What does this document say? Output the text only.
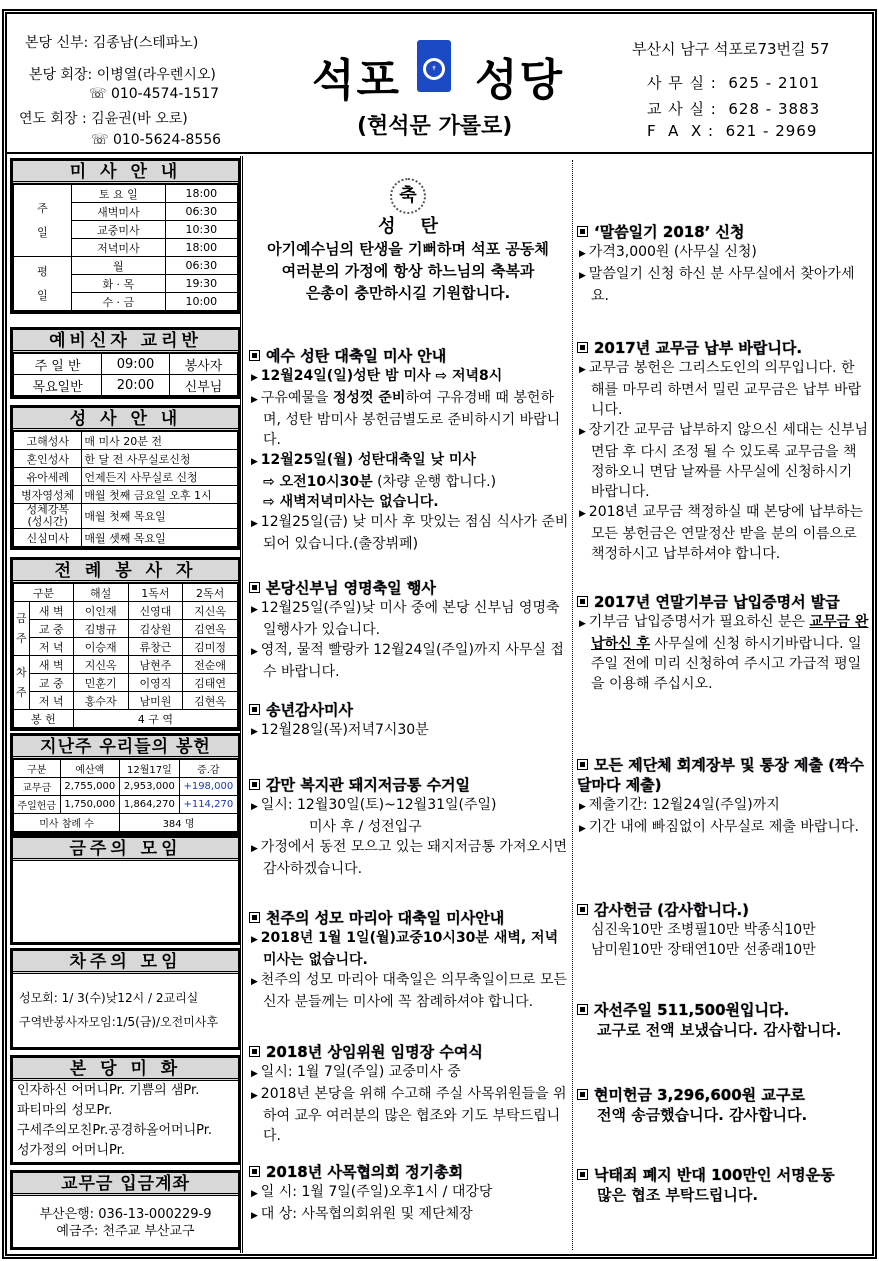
본당 신부: 김종남(스테파노)
본당 회장: 이병열(라우렌시오)
☏ 010-4574-1517
연도 회장 : 김윤권(바 오로)
☏ 010-5624-8556
석포	✝ 성당
(현석문 가롤로)
부산시 남구 석포로73번길 57
사 무 실 : 625 - 2101
교 사 실 : 628 - 3883
F  A  X : 621 - 2969
미 사 안 내
주

일	토 요 일	18:00
	새벽미사	06:30
	교중미사	10:30
	저녁미사	18:00
평

일	월	06:30
	화 · 목	19:30
	수 · 금	10:00
예비신자 교리반
주 일 반	09:00	봉사자
목요일반	20:00	신부님
성 사 안 내
고해성사	매 미사 20분 전
혼인성사	한 달 전 사무실로신청
유아세례	언제든지 사무실로 신청
병자영성체	매월 첫째 금요일 오후 1시
성체강복
(성시간)	매월 첫째 목요일
신심미사	매월 셋째 목요일
전 례 봉 사 자
구분		해설	1독서	2독서
금주	새 벽	이인재	신영대	지신옥
	교 중	김병규	김상원	김연옥
	저 녁	이승재	류창근	김미정
차주	새 벽	지신옥	남현주	전순애
	교 중	민훈기	이영직	김태연
	저 녁	홍수자	남미원	김현옥
봉 헌		4 구 역		
지난주 우리들의 봉헌
구분	예산액	12월17일	증.감
교무금	2,755,000	2,953,000	+198,000
주일헌금	1,750,000	1,864,270	+114,270
미사 참례 수		384 명	
금주의 모임
차주의 모임
성모회: 1/ 3(수)낮12시 / 2교리실
구역반봉사자모임:1/5(금)/오전미사후
본 당 미 화
인자하신 어머니Pr. 기쁨의 샘Pr.
파티마의 성모Pr.
구세주의모친Pr.공경하올어머니Pr.
성가정의 어머니Pr.
교무금 입금계좌
부산은행: 036-13-000229-9
예금주: 천주교 부산교구
축
성    탄
아기예수님의 탄생을 기뻐하며 석포 공동체
여러분의 가정에 항상 하느님의 축복과
은총이 충만하시길 기원합니다.
예수 성탄 대축일 미사 안내
▶ 12월24일(일)성탄 밤 미사 ⇨ 저녁8시
▶ 구유예물을 정성껏 준비하여 구유경배 때 봉헌하며, 성탄 밤미사 봉헌금별도로 준비하시기 바랍니다.
▶ 12월25일(월) 성탄대축일 낮 미사
⇨ 오전10시30분 (차량 운행 합니다.)
⇨ 새벽저녁미사는 없습니다.
▶ 12월25일(금) 낮 미사 후 맛있는 점심 식사가 준비되어 있습니다.(출장뷔페)
본당신부님 영명축일 행사
▶ 12월25일(주일)낮 미사 중에 본당 신부님 영명축일행사가 있습니다.
▶ 영적, 물적 빨랑카 12월24일(주일)까지 사무실 접수 바랍니다.
송년감사미사
▶ 12월28일(목)저녁7시30분
감만 복지관 돼지저금통 수거일
▶ 일시: 12월30일(토)~12월31일(주일)
미사 후 / 성전입구
▶ 가정에서 동전 모으고 있는 돼지저금통 가져오시면 감사하겠습니다.
천주의 성모 마리아 대축일 미사안내
▶ 2018년 1월 1일(월)교중10시30분 새벽, 저녁미사는 없습니다.
▶ 천주의 성모 마리아 대축일은 의무축일이므로 모든 신자 분들께는 미사에 꼭 참례하셔야 합니다.
2018년 상임위원 임명장 수여식
▶ 일시: 1월 7일(주일) 교중미사 중
▶ 2018년 본당을 위해 수고해 주실 사목위원들을 위하여 교우 여러분의 많은 협조와 기도 부탁드립니다.
2018년 사목협의회 정기총회
▶ 일 시: 1월 7일(주일)오후1시 / 대강당
▶ 대 상: 사목협의회위원 및 제단체장
‘말씀일기 2018’ 신청
▶ 가격3,000원 (사무실 신청)
▶ 말씀일기 신청 하신 분 사무실에서 찾아가세요.
2017년 교무금 납부 바랍니다.
▶ 교무금 봉헌은 그리스도인의 의무입니다. 한 해를 마무리 하면서 밀린 교무금은 납부 바랍니다.
▶ 장기간 교무금 납부하지 않으신 세대는 신부님 면담 후 다시 조정 될 수 있도록 교무금을 책정하오니 면담 날짜를 사무실에 신청하시기 바랍니다.
▶ 2018년 교무금 책정하실 때 본당에 납부하는 모든 봉헌금은 연말정산 받을 분의 이름으로 책정하시고 납부하셔야 합니다.
2017년 연말기부금 납입증명서 발급
▶ 기부금 납입증명서가 필요하신 분은 교무금 완납하신 후 사무실에 신청 하시기바랍니다. 일주일 전에 미리 신청하여 주시고 가급적 평일을 이용해 주십시오.
모든 제단체 회계장부 및 통장 제출 (짝수달마다 제출)
▶ 제출기간: 12월24일(주일)까지
▶ 기간 내에 빠짐없이 사무실로 제출 바랍니다.
감사헌금 (감사합니다.)
심진욱10만 조병필10만 박종식10만
남미원10만 장태연10만 선종래10만
자선주일 511,500원입니다.
교구로 전액 보냈습니다. 감사합니다.
현미헌금 3,296,600원 교구로
전액 송금했습니다. 감사합니다.
낙태죄 폐지 반대 100만인 서명운동
많은 협조 부탁드립니다.
